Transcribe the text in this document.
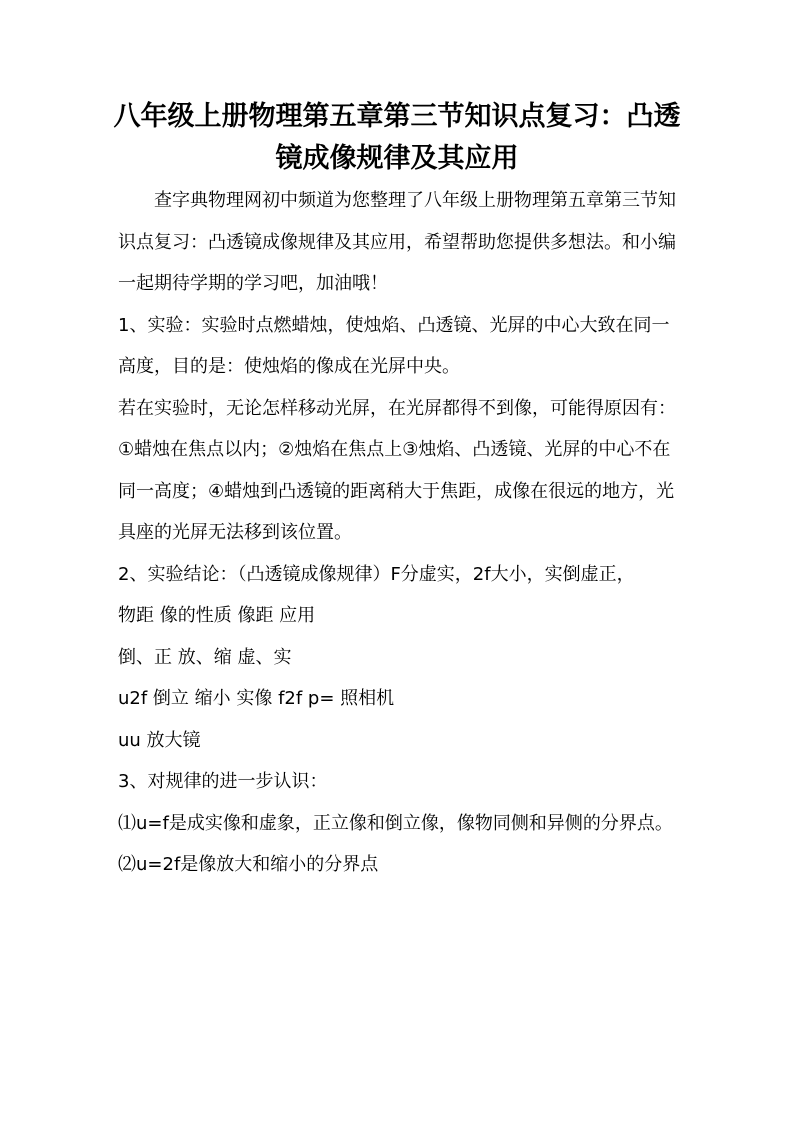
八年级上册物理第五章第三节知识点复习：凸透镜成像规律及其应用

查字典物理网初中频道为您整理了八年级上册物理第五章第三节知识点复习：凸透镜成像规律及其应用，希望帮助您提供多想法。和小编一起期待学期的学习吧，加油哦！

1、实验：实验时点燃蜡烛，使烛焰、凸透镜、光屏的中心大致在同一高度，目的是：使烛焰的像成在光屏中央。

若在实验时，无论怎样移动光屏，在光屏都得不到像，可能得原因有：①蜡烛在焦点以内；②烛焰在焦点上③烛焰、凸透镜、光屏的中心不在同一高度；④蜡烛到凸透镜的距离稍大于焦距，成像在很远的地方，光具座的光屏无法移到该位置。

2、实验结论：（凸透镜成像规律）F分虚实，2f大小，实倒虚正，

物距 像的性质 像距 应用

倒、正 放、缩 虚、实

u2f 倒立 缩小 实像 f2f p= 照相机

uu 放大镜

3、对规律的进一步认识：

⑴u=f是成实像和虚象，正立像和倒立像，像物同侧和异侧的分界点。

⑵u=2f是像放大和缩小的分界点
